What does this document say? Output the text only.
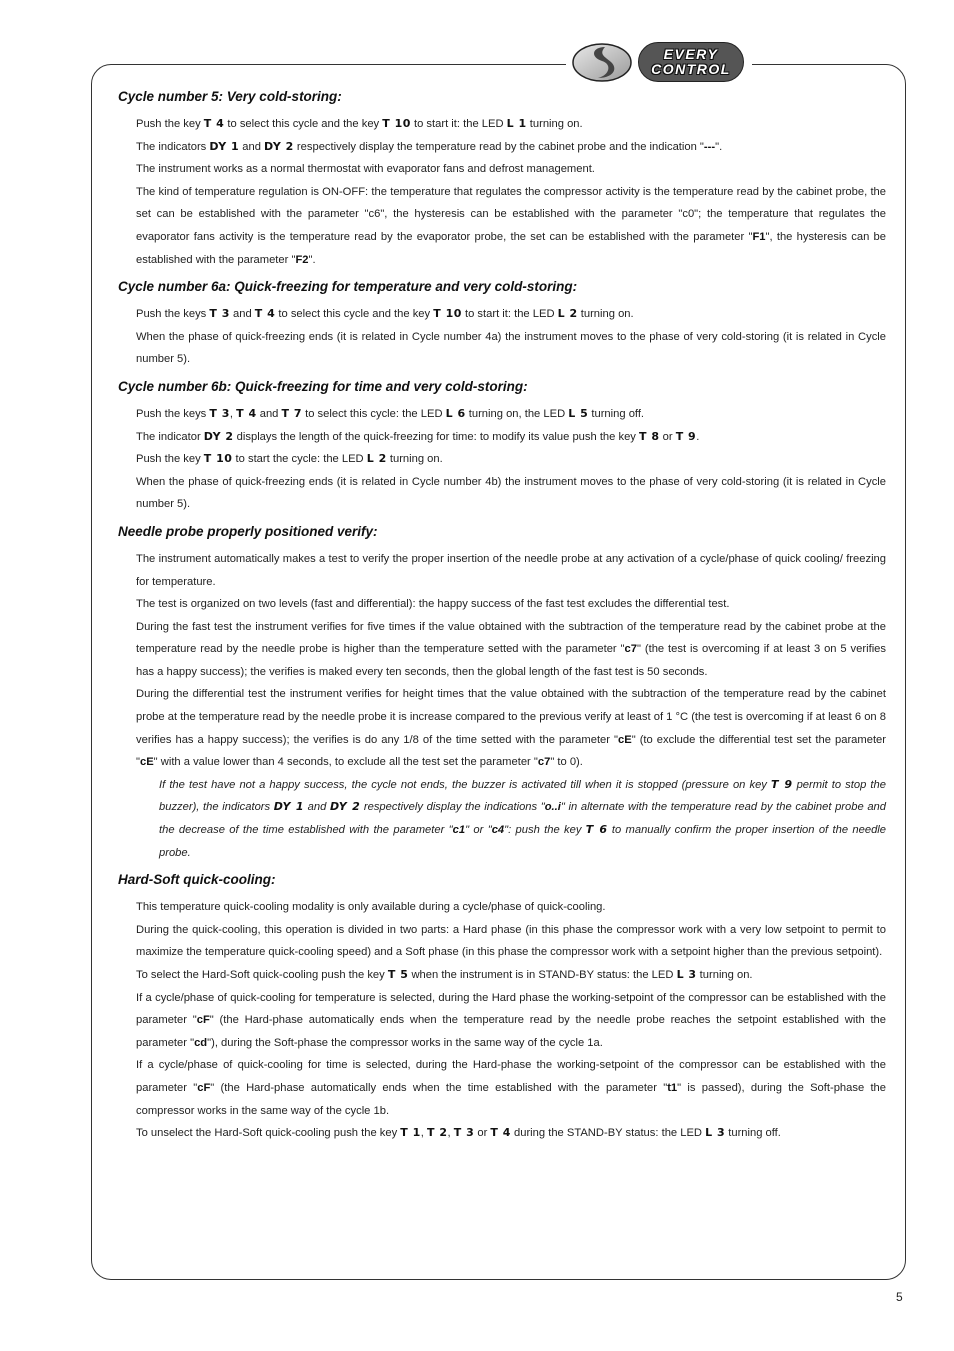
EVERY
CONTROL
Cycle number 5: Very cold-storing:

Push the key T 4 to select this cycle and the key T 10 to start it: the LED L 1 turning on.

The indicators DY 1 and DY 2 respectively display the temperature read by the cabinet probe and the indication "---".

The instrument works as a normal thermostat with evaporator fans and defrost management.

The kind of temperature regulation is ON-OFF: the temperature that regulates the compressor activity is the temperature read by the cabinet probe, the set can be established with the parameter "c6", the hysteresis can be established with the parameter "c0"; the temperature that regulates the evaporator fans activity is the temperature read by the evaporator probe, the set can be established with the parameter "F1", the hysteresis can be established with the parameter "F2".

Cycle number 6a: Quick-freezing for temperature and very cold-storing:

Push the keys T 3 and T 4 to select this cycle and the key T 10 to start it: the LED L 2 turning on.

When the phase of quick-freezing ends (it is related in Cycle number 4a) the instrument moves to the phase of very cold-storing (it is related in Cycle number 5).

Cycle number 6b: Quick-freezing for time and very cold-storing:

Push the keys T 3, T 4 and T 7 to select this cycle: the LED L 6 turning on, the LED L 5 turning off.

The indicator DY 2 displays the length of the quick-freezing for time: to modify its value push the key T 8 or T 9.

Push the key T 10 to start the cycle: the LED L 2 turning on.

When the phase of quick-freezing ends (it is related in Cycle number 4b) the instrument moves to the phase of very cold-storing (it is related in Cycle number 5).

Needle probe properly positioned verify:

The instrument automatically makes a test to verify the proper insertion of the needle probe at any activation of a cycle/phase of quick cooling/ freezing for temperature.

The test is organized on two levels (fast and differential): the happy success of the fast test excludes the differential test.

During the fast test the instrument verifies for five times if the value obtained with the subtraction of the temperature read by the cabinet probe at the temperature read by the needle probe is higher than the temperature setted with the parameter "c7" (the test is overcoming if at least 3 on 5 verifies has a happy success); the verifies is maked every ten seconds, then the global length of the fast test is 50 seconds.

During the differential test the instrument verifies for height times that the value obtained with the subtraction of the temperature read by the cabinet probe at the temperature read by the needle probe it is increase compared to the previous verify at least of 1 °C (the test is overcoming if at least 6 on 8 verifies has a happy success); the verifies is do any 1/8 of the time setted with the parameter "cE" (to exclude the differential test set the parameter "cE" with a value lower than 4 seconds, to exclude all the test set the parameter "c7" to 0).

If the test have not a happy success, the cycle not ends, the buzzer is activated till when it is stopped (pressure on key T 9 permit to stop the buzzer), the indicators DY 1 and DY 2 respectively display the indications "o..i" in alternate with the temperature read by the cabinet probe and the decrease of the time established with the parameter "c1" or "c4": push the key T 6 to manually confirm the proper insertion of the needle probe.

Hard-Soft quick-cooling:

This temperature quick-cooling modality is only available during a cycle/phase of quick-cooling.

During the quick-cooling, this operation is divided in two parts: a Hard phase (in this phase the compressor work with a very low setpoint to permit to maximize the temperature quick-cooling speed) and a Soft phase (in this phase the compressor work with a setpoint higher than the previous setpoint).

To select the Hard-Soft quick-cooling push the key T 5 when the instrument is in STAND-BY status: the LED L 3 turning on.

If a cycle/phase of quick-cooling for temperature is selected, during the Hard phase the working-setpoint of the compressor can be established with the parameter "cF" (the Hard-phase automatically ends when the temperature read by the needle probe reaches the setpoint established with the parameter "cd"), during the Soft-phase the compressor works in the same way of the cycle 1a.

If a cycle/phase of quick-cooling for time is selected, during the Hard-phase the working-setpoint of the compressor can be established with the parameter "cF" (the Hard-phase automatically ends when the time established with the parameter "t1" is passed), during the Soft-phase the compressor works in the same way of the cycle 1b.

To unselect the Hard-Soft quick-cooling push the key T 1, T 2, T 3 or T 4 during the STAND-BY status: the LED L 3 turning off.

5
